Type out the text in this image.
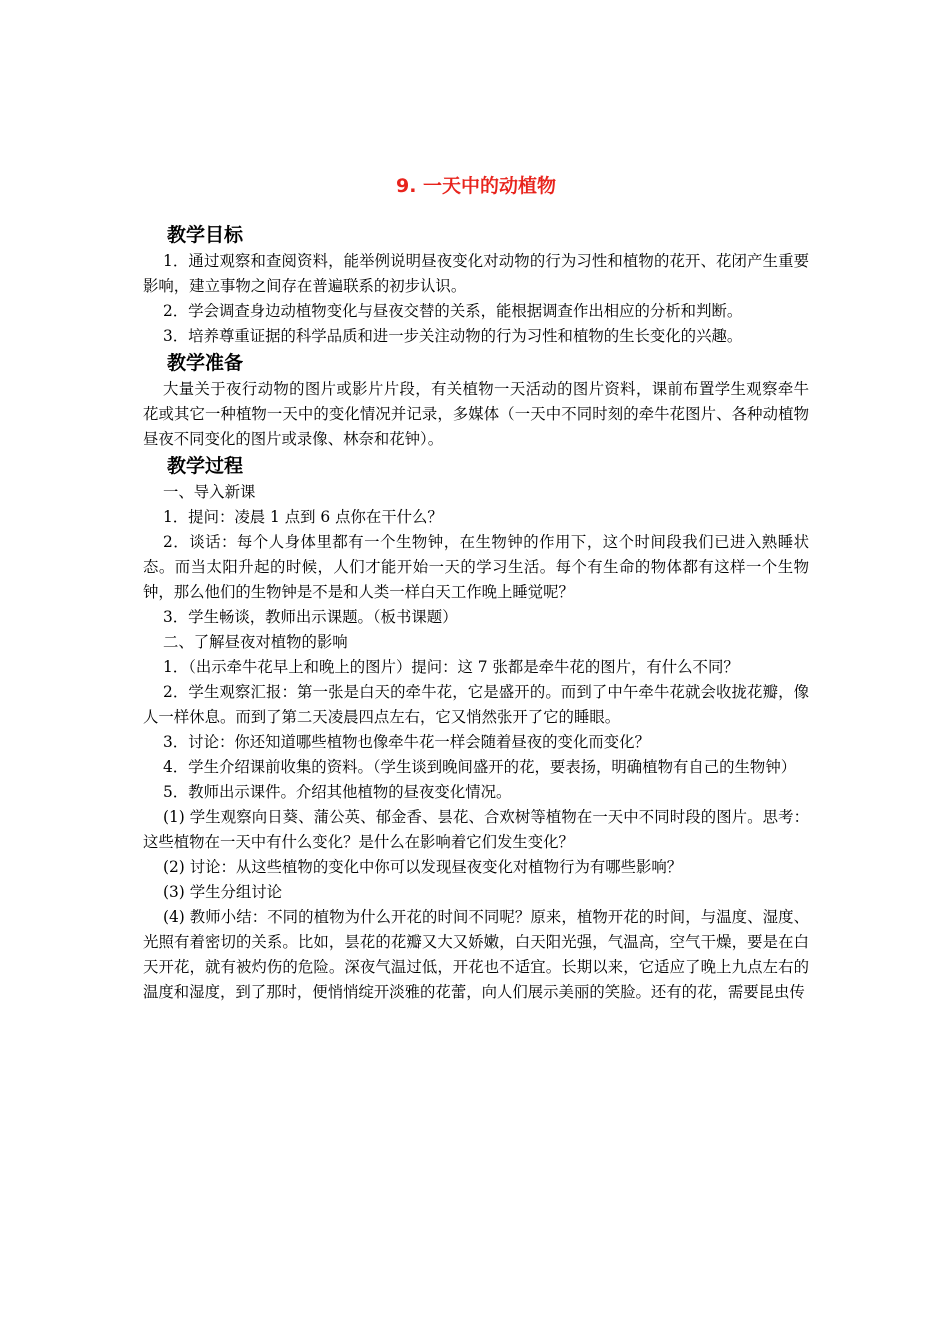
9. 一天中的动植物
教学目标

1．通过观察和查阅资料，能举例说明昼夜变化对动物的行为习性和植物的花开、花闭产生重要影响，建立事物之间存在普遍联系的初步认识。

2．学会调查身边动植物变化与昼夜交替的关系，能根据调查作出相应的分析和判断。

3．培养尊重证据的科学品质和进一步关注动物的行为习性和植物的生长变化的兴趣。

教学准备

大量关于夜行动物的图片或影片片段，有关植物一天活动的图片资料，课前布置学生观察牵牛花或其它一种植物一天中的变化情况并记录，多媒体（一天中不同时刻的牵牛花图片、各种动植物昼夜不同变化的图片或录像、林奈和花钟）。

教学过程

一、导入新课

1．提问：凌晨 1 点到 6 点你在干什么？

2．谈话：每个人身体里都有一个生物钟，在生物钟的作用下，这个时间段我们已进入熟睡状态。而当太阳升起的时候，人们才能开始一天的学习生活。每个有生命的物体都有这样一个生物钟，那么他们的生物钟是不是和人类一样白天工作晚上睡觉呢？

3．学生畅谈，教师出示课题。（板书课题）

二、了解昼夜对植物的影响

1．（出示牵牛花早上和晚上的图片）提问：这 7 张都是牵牛花的图片，有什么不同？

2．学生观察汇报：第一张是白天的牵牛花，它是盛开的。而到了中午牵牛花就会收拢花瓣，像人一样休息。而到了第二天凌晨四点左右，它又悄然张开了它的睡眼。

3．讨论：你还知道哪些植物也像牵牛花一样会随着昼夜的变化而变化？

4．学生介绍课前收集的资料。（学生谈到晚间盛开的花，要表扬，明确植物有自己的生物钟）

5．教师出示课件。介绍其他植物的昼夜变化情况。

(1) 学生观察向日葵、蒲公英、郁金香、昙花、合欢树等植物在一天中不同时段的图片。思考：这些植物在一天中有什么变化？是什么在影响着它们发生变化？

(2) 讨论：从这些植物的变化中你可以发现昼夜变化对植物行为有哪些影响？

(3) 学生分组讨论

(4) 教师小结：不同的植物为什么开花的时间不同呢？原来，植物开花的时间，与温度、湿度、光照有着密切的关系。比如，昙花的花瓣又大又娇嫩，白天阳光强，气温高，空气干燥，要是在白天开花，就有被灼伤的危险。深夜气温过低，开花也不适宜。长期以来，它适应了晚上九点左右的温度和湿度，到了那时，便悄悄绽开淡雅的花蕾，向人们展示美丽的笑脸。还有的花，需要昆虫传
